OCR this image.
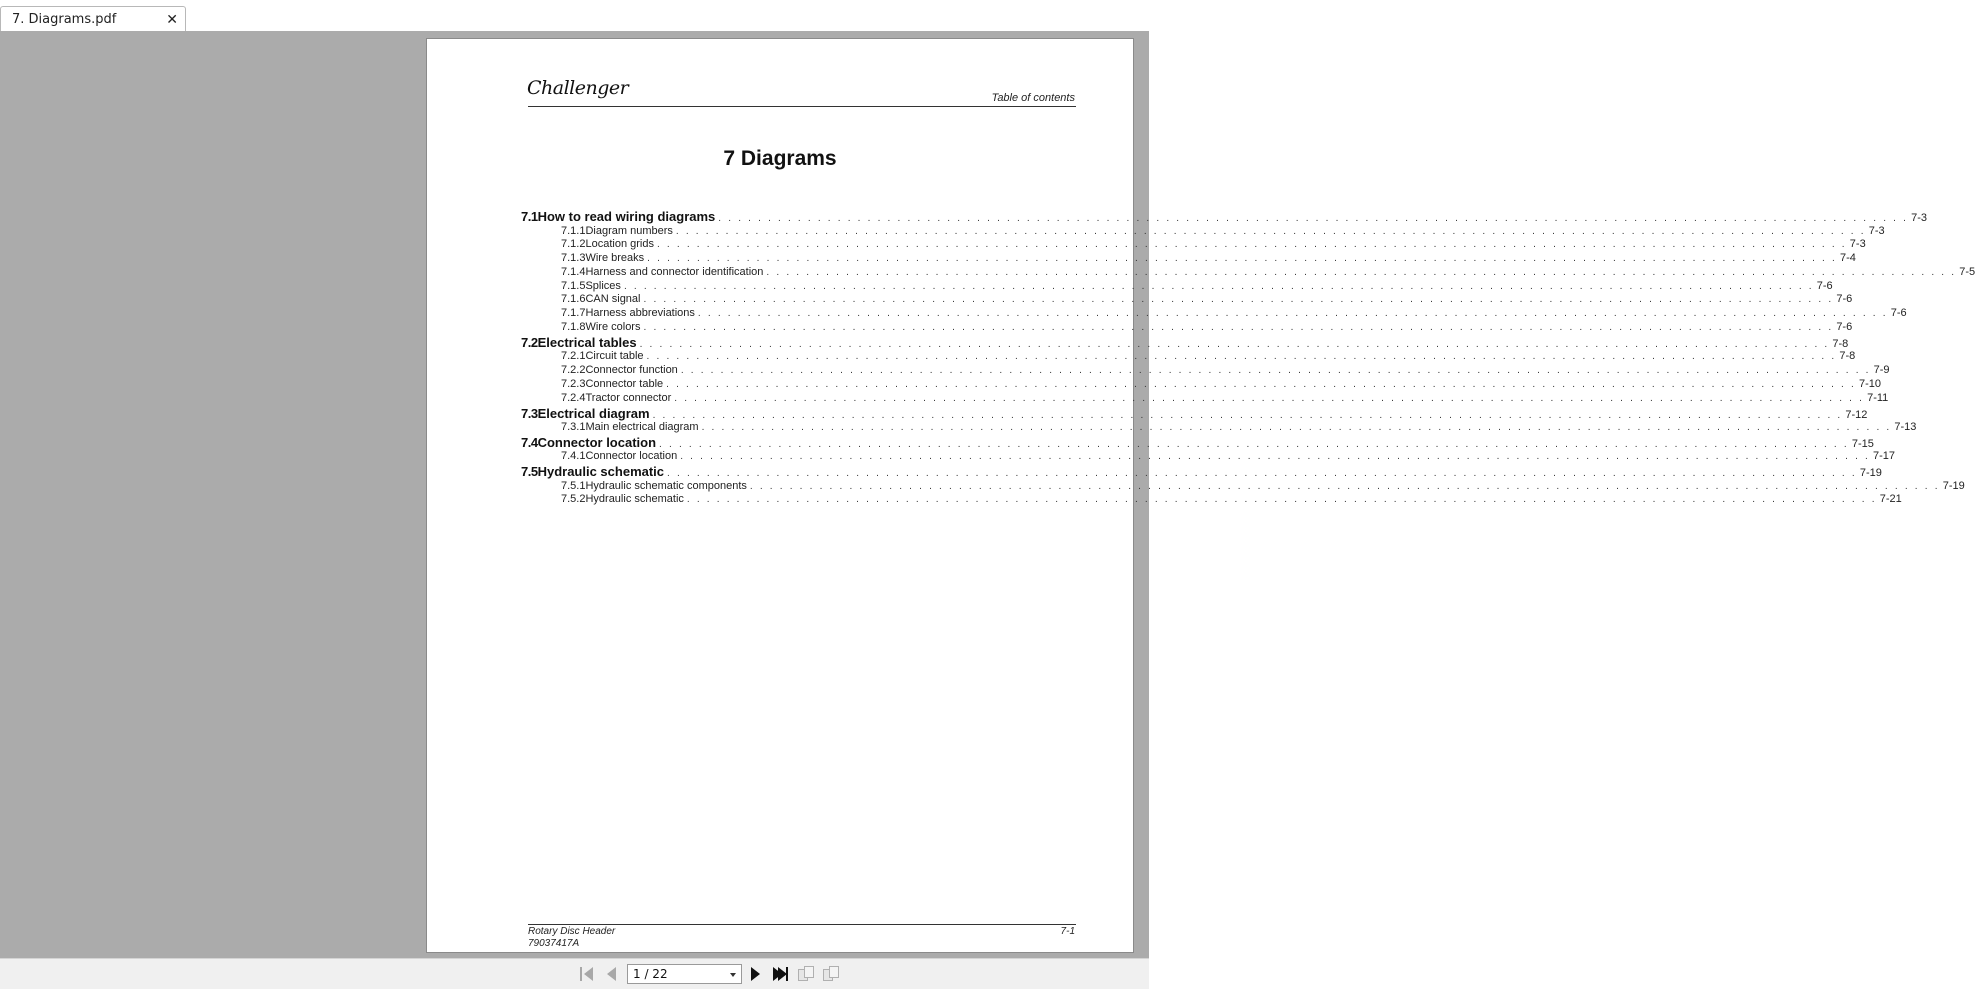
7. Diagrams.pdf	✕
Challenger	Table of contents
7 Diagrams
7.1 How to read wiring diagrams . . . . . . . . . . . . . . . . . . . . . . . . . . . . . . . . . . . . . . . . . . . . . . . . . . . . . . . . . . . . . . . . . . . . . . . . . . . . . . . . . . . . . . . . . . . . . . . . . . . . . . . . . . . . . . . . . . . . . . . . 7-3
7.1.1 Diagram numbers . . . . . . . . . . . . . . . . . . . . . . . . . . . . . . . . . . . . . . . . . . . . . . . . . . . . . . . . . . . . . . . . . . . . . . . . . . . . . . . . . . . . . . . . . . . . . . . . . . . . . . . . . . . . . . . . . . . . . . . . 7-3
7.1.2 Location grids . . . . . . . . . . . . . . . . . . . . . . . . . . . . . . . . . . . . . . . . . . . . . . . . . . . . . . . . . . . . . . . . . . . . . . . . . . . . . . . . . . . . . . . . . . . . . . . . . . . . . . . . . . . . . . . . . . . . . . . . 7-3
7.1.3 Wire breaks . . . . . . . . . . . . . . . . . . . . . . . . . . . . . . . . . . . . . . . . . . . . . . . . . . . . . . . . . . . . . . . . . . . . . . . . . . . . . . . . . . . . . . . . . . . . . . . . . . . . . . . . . . . . . . . . . . . . . . . . 7-4
7.1.4 Harness and connector identification . . . . . . . . . . . . . . . . . . . . . . . . . . . . . . . . . . . . . . . . . . . . . . . . . . . . . . . . . . . . . . . . . . . . . . . . . . . . . . . . . . . . . . . . . . . . . . . . . . . . . . . . . . . . . . . . . . . . . . . . 7-5
7.1.5 Splices . . . . . . . . . . . . . . . . . . . . . . . . . . . . . . . . . . . . . . . . . . . . . . . . . . . . . . . . . . . . . . . . . . . . . . . . . . . . . . . . . . . . . . . . . . . . . . . . . . . . . . . . . . . . . . . . . . . . . . . . 7-6
7.1.6 CAN signal . . . . . . . . . . . . . . . . . . . . . . . . . . . . . . . . . . . . . . . . . . . . . . . . . . . . . . . . . . . . . . . . . . . . . . . . . . . . . . . . . . . . . . . . . . . . . . . . . . . . . . . . . . . . . . . . . . . . . . . . 7-6
7.1.7 Harness abbreviations . . . . . . . . . . . . . . . . . . . . . . . . . . . . . . . . . . . . . . . . . . . . . . . . . . . . . . . . . . . . . . . . . . . . . . . . . . . . . . . . . . . . . . . . . . . . . . . . . . . . . . . . . . . . . . . . . . . . . . . . 7-6
7.1.8 Wire colors . . . . . . . . . . . . . . . . . . . . . . . . . . . . . . . . . . . . . . . . . . . . . . . . . . . . . . . . . . . . . . . . . . . . . . . . . . . . . . . . . . . . . . . . . . . . . . . . . . . . . . . . . . . . . . . . . . . . . . . . 7-6
7.2 Electrical tables . . . . . . . . . . . . . . . . . . . . . . . . . . . . . . . . . . . . . . . . . . . . . . . . . . . . . . . . . . . . . . . . . . . . . . . . . . . . . . . . . . . . . . . . . . . . . . . . . . . . . . . . . . . . . . . . . . . . . . . . 7-8
7.2.1 Circuit table . . . . . . . . . . . . . . . . . . . . . . . . . . . . . . . . . . . . . . . . . . . . . . . . . . . . . . . . . . . . . . . . . . . . . . . . . . . . . . . . . . . . . . . . . . . . . . . . . . . . . . . . . . . . . . . . . . . . . . . . 7-8
7.2.2 Connector function . . . . . . . . . . . . . . . . . . . . . . . . . . . . . . . . . . . . . . . . . . . . . . . . . . . . . . . . . . . . . . . . . . . . . . . . . . . . . . . . . . . . . . . . . . . . . . . . . . . . . . . . . . . . . . . . . . . . . . . . 7-9
7.2.3 Connector table . . . . . . . . . . . . . . . . . . . . . . . . . . . . . . . . . . . . . . . . . . . . . . . . . . . . . . . . . . . . . . . . . . . . . . . . . . . . . . . . . . . . . . . . . . . . . . . . . . . . . . . . . . . . . . . . . . . . . . . . 7-10
7.2.4 Tractor connector . . . . . . . . . . . . . . . . . . . . . . . . . . . . . . . . . . . . . . . . . . . . . . . . . . . . . . . . . . . . . . . . . . . . . . . . . . . . . . . . . . . . . . . . . . . . . . . . . . . . . . . . . . . . . . . . . . . . . . . . 7-11
7.3 Electrical diagram . . . . . . . . . . . . . . . . . . . . . . . . . . . . . . . . . . . . . . . . . . . . . . . . . . . . . . . . . . . . . . . . . . . . . . . . . . . . . . . . . . . . . . . . . . . . . . . . . . . . . . . . . . . . . . . . . . . . . . . . 7-12
7.3.1 Main electrical diagram . . . . . . . . . . . . . . . . . . . . . . . . . . . . . . . . . . . . . . . . . . . . . . . . . . . . . . . . . . . . . . . . . . . . . . . . . . . . . . . . . . . . . . . . . . . . . . . . . . . . . . . . . . . . . . . . . . . . . . . . 7-13
7.4 Connector location . . . . . . . . . . . . . . . . . . . . . . . . . . . . . . . . . . . . . . . . . . . . . . . . . . . . . . . . . . . . . . . . . . . . . . . . . . . . . . . . . . . . . . . . . . . . . . . . . . . . . . . . . . . . . . . . . . . . . . . . 7-15
7.4.1 Connector location . . . . . . . . . . . . . . . . . . . . . . . . . . . . . . . . . . . . . . . . . . . . . . . . . . . . . . . . . . . . . . . . . . . . . . . . . . . . . . . . . . . . . . . . . . . . . . . . . . . . . . . . . . . . . . . . . . . . . . . . 7-17
7.5 Hydraulic schematic . . . . . . . . . . . . . . . . . . . . . . . . . . . . . . . . . . . . . . . . . . . . . . . . . . . . . . . . . . . . . . . . . . . . . . . . . . . . . . . . . . . . . . . . . . . . . . . . . . . . . . . . . . . . . . . . . . . . . . . . 7-19
7.5.1 Hydraulic schematic components . . . . . . . . . . . . . . . . . . . . . . . . . . . . . . . . . . . . . . . . . . . . . . . . . . . . . . . . . . . . . . . . . . . . . . . . . . . . . . . . . . . . . . . . . . . . . . . . . . . . . . . . . . . . . . . . . . . . . . . . 7-19
7.5.2 Hydraulic schematic . . . . . . . . . . . . . . . . . . . . . . . . . . . . . . . . . . . . . . . . . . . . . . . . . . . . . . . . . . . . . . . . . . . . . . . . . . . . . . . . . . . . . . . . . . . . . . . . . . . . . . . . . . . . . . . . . . . . . . . . 7-21
Rotary Disc Header
79037417A
7-1
1 / 22
